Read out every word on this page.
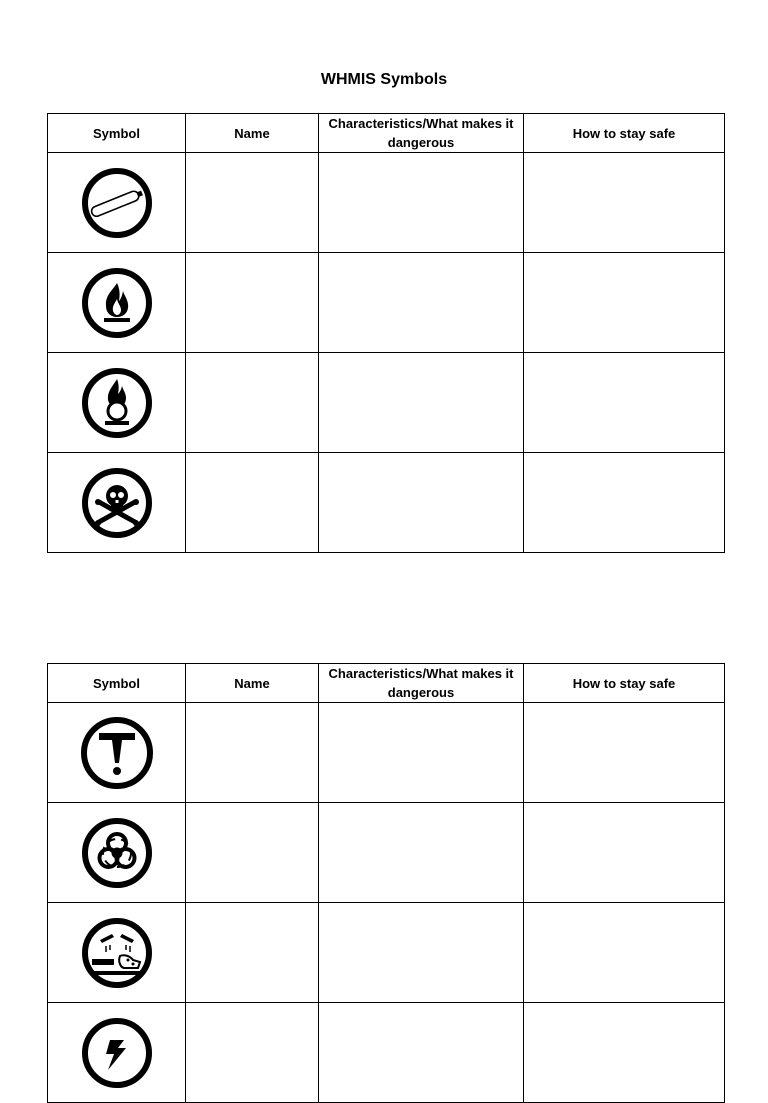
WHMIS Symbols
Symbol	Name	Characteristics/What makes it dangerous	How to stay safe

Symbol	Name	Characteristics/What makes it dangerous	How to stay safe
